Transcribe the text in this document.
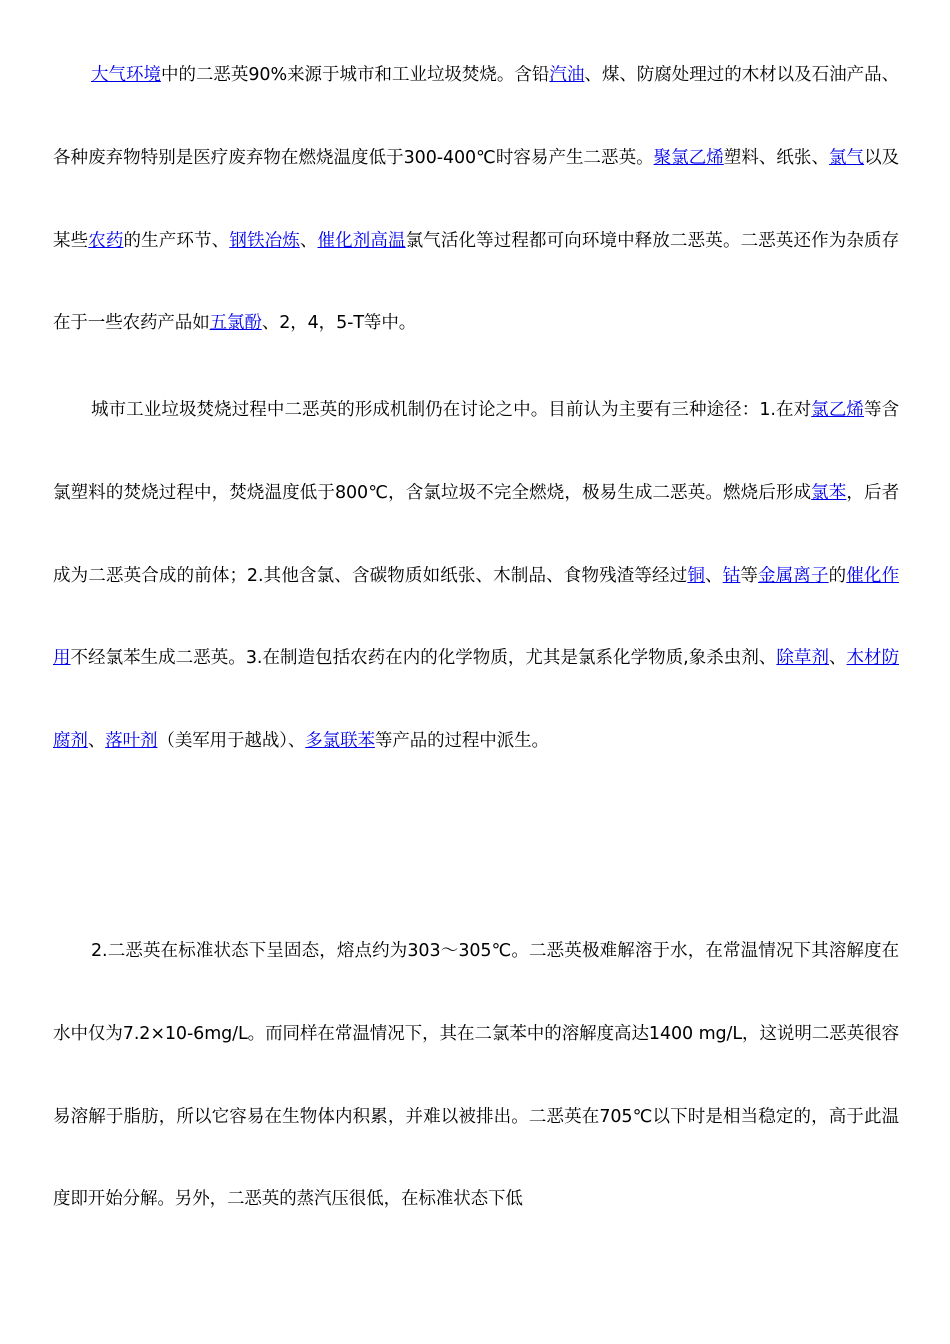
大气环境中的二恶英90%来源于城市和工业垃圾焚烧。含铅汽油、煤、防腐处理过的木材以及石油产品、各种废弃物特别是医疗废弃物在燃烧温度低于300-400℃时容易产生二恶英。聚氯乙烯塑料、纸张、氯气以及某些农药的生产环节、钢铁冶炼、催化剂高温氯气活化等过程都可向环境中释放二恶英。二恶英还作为杂质存在于一些农药产品如五氯酚、2，4，5-T等中。

城市工业垃圾焚烧过程中二恶英的形成机制仍在讨论之中。目前认为主要有三种途径：1.在对氯乙烯等含氯塑料的焚烧过程中，焚烧温度低于800℃，含氯垃圾不完全燃烧，极易生成二恶英。燃烧后形成氯苯，后者成为二恶英合成的前体；2.其他含氯、含碳物质如纸张、木制品、食物残渣等经过铜、钴等金属离子的催化作用不经氯苯生成二恶英。3.在制造包括农药在内的化学物质，尤其是氯系化学物质,象杀虫剂、除草剂、木材防腐剂、落叶剂（美军用于越战）、多氯联苯等产品的过程中派生。

2.二恶英在标准状态下呈固态，熔点约为303～305℃。二恶英极难解溶于水，在常温情况下其溶解度在水中仅为7.2×10-6mg/L。而同样在常温情况下，其在二氯苯中的溶解度高达1400 mg/L，这说明二恶英很容易溶解于脂肪，所以它容易在生物体内积累，并难以被排出。二恶英在705℃以下时是相当稳定的，高于此温度即开始分解。另外，二恶英的蒸汽压很低，在标准状态下低
